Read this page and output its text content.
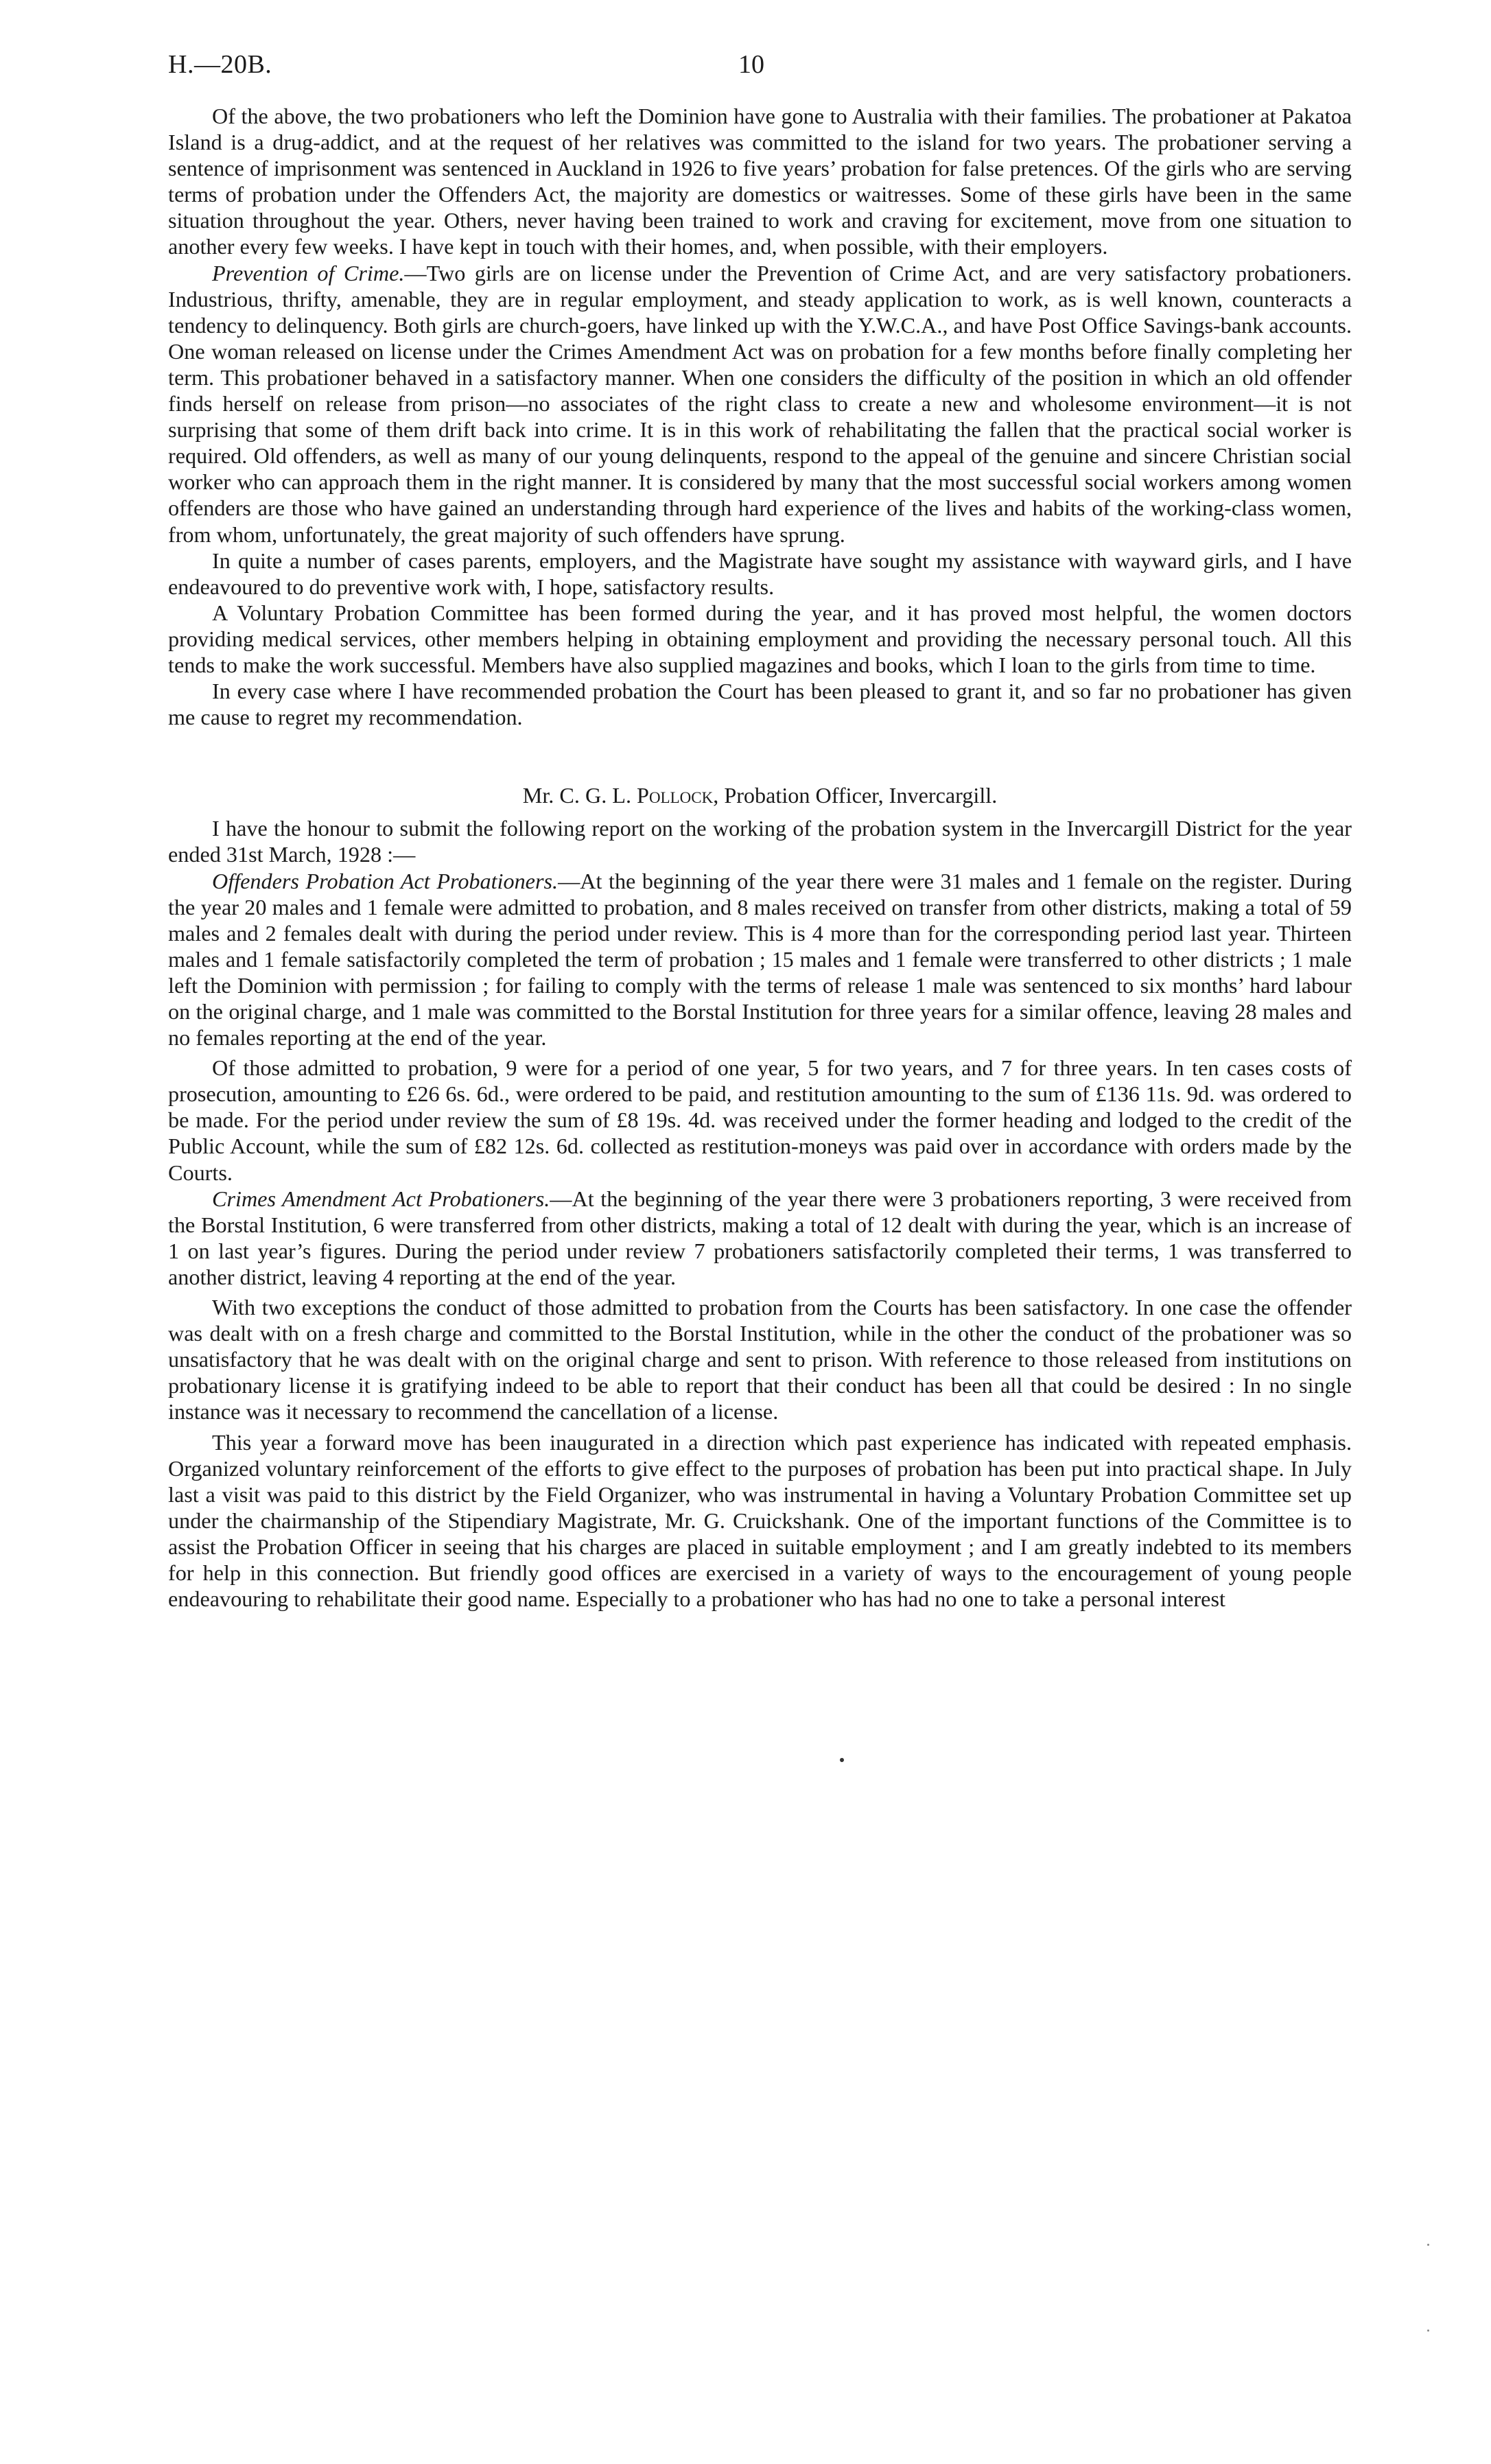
H.—20B.	10

Of the above, the two probationers who left the Dominion have gone to Australia with their families. The probationer at Pakatoa Island is a drug-addict, and at the request of her relatives was committed to the island for two years. The probationer serving a sentence of imprisonment was sentenced in Auckland in 1926 to five years’ probation for false pretences. Of the girls who are serving terms of probation under the Offenders Act, the majority are domestics or waitresses. Some of these girls have been in the same situation throughout the year. Others, never having been trained to work and craving for excitement, move from one situation to another every few weeks. I have kept in touch with their homes, and, when possible, with their employers.

Prevention of Crime.—Two girls are on license under the Prevention of Crime Act, and are very satisfactory probationers. Industrious, thrifty, amenable, they are in regular employment, and steady application to work, as is well known, counteracts a tendency to delinquency. Both girls are church-goers, have linked up with the Y.W.C.A., and have Post Office Savings-bank accounts. One woman released on license under the Crimes Amendment Act was on probation for a few months before finally completing her term. This probationer behaved in a satisfactory manner. When one considers the difficulty of the position in which an old offender finds herself on release from prison—no associates of the right class to create a new and wholesome environment—it is not surprising that some of them drift back into crime. It is in this work of rehabilitating the fallen that the practical social worker is required. Old offenders, as well as many of our young delinquents, respond to the appeal of the genuine and sincere Christian social worker who can approach them in the right manner. It is considered by many that the most successful social workers among women offenders are those who have gained an understanding through hard experience of the lives and habits of the working-class women, from whom, unfortunately, the great majority of such offenders have sprung.

In quite a number of cases parents, employers, and the Magistrate have sought my assistance with wayward girls, and I have endeavoured to do preventive work with, I hope, satisfactory results.

A Voluntary Probation Committee has been formed during the year, and it has proved most helpful, the women doctors providing medical services, other members helping in obtaining employment and providing the necessary personal touch. All this tends to make the work successful. Members have also supplied magazines and books, which I loan to the girls from time to time.

In every case where I have recommended probation the Court has been pleased to grant it, and so far no probationer has given me cause to regret my recommendation.

Mr. C. G. L. Pollock, Probation Officer, Invercargill.

I have the honour to submit the following report on the working of the probation system in the Invercargill District for the year ended 31st March, 1928 :—

Offenders Probation Act Probationers.—At the beginning of the year there were 31 males and 1 female on the register. During the year 20 males and 1 female were admitted to probation, and 8 males received on transfer from other districts, making a total of 59 males and 2 females dealt with during the period under review. This is 4 more than for the corresponding period last year. Thirteen males and 1 female satisfactorily completed the term of probation ; 15 males and 1 female were transferred to other districts ; 1 male left the Dominion with permission ; for failing to comply with the terms of release 1 male was sentenced to six months’ hard labour on the original charge, and 1 male was committed to the Borstal Institution for three years for a similar offence, leaving 28 males and no females reporting at the end of the year.

Of those admitted to probation, 9 were for a period of one year, 5 for two years, and 7 for three years. In ten cases costs of prosecution, amounting to £26 6s. 6d., were ordered to be paid, and restitution amounting to the sum of £136 11s. 9d. was ordered to be made. For the period under review the sum of £8 19s. 4d. was received under the former heading and lodged to the credit of the Public Account, while the sum of £82 12s. 6d. collected as restitution-moneys was paid over in accordance with orders made by the Courts.

Crimes Amendment Act Probationers.—At the beginning of the year there were 3 probationers reporting, 3 were received from the Borstal Institution, 6 were transferred from other districts, making a total of 12 dealt with during the year, which is an increase of 1 on last year’s figures. During the period under review 7 probationers satisfactorily completed their terms, 1 was transferred to another district, leaving 4 reporting at the end of the year.

With two exceptions the conduct of those admitted to probation from the Courts has been satisfactory. In one case the offender was dealt with on a fresh charge and committed to the Borstal Institution, while in the other the conduct of the probationer was so unsatisfactory that he was dealt with on the original charge and sent to prison. With reference to those released from institutions on probationary license it is gratifying indeed to be able to report that their conduct has been all that could be desired : In no single instance was it necessary to recommend the cancellation of a license.

This year a forward move has been inaugurated in a direction which past experience has indicated with repeated emphasis. Organized voluntary reinforcement of the efforts to give effect to the purposes of probation has been put into practical shape. In July last a visit was paid to this district by the Field Organizer, who was instrumental in having a Voluntary Probation Committee set up under the chairmanship of the Stipendiary Magistrate, Mr. G. Cruickshank. One of the important functions of the Committee is to assist the Probation Officer in seeing that his charges are placed in suitable employment ; and I am greatly indebted to its members for help in this connection. But friendly good offices are exercised in a variety of ways to the encouragement of young people endeavouring to rehabilitate their good name. Especially to a probationer who has had no one to take a personal interest
